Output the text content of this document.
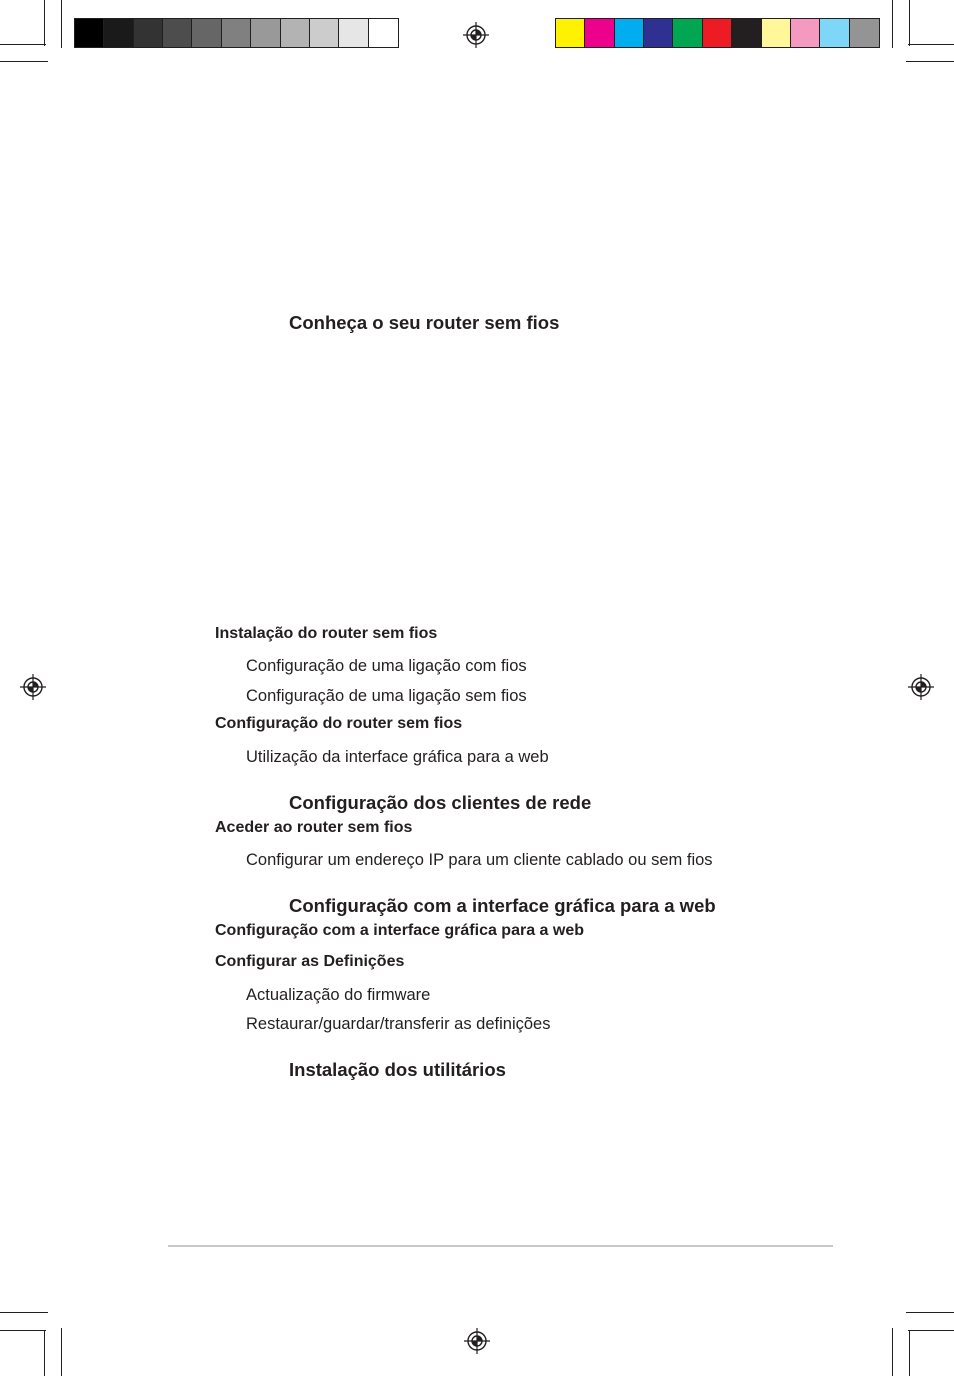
Conheça o seu router sem fios
Instalação do router sem fios
Configuração de uma ligação com fios
Configuração de uma ligação sem fios
Configuração do router sem fios
Utilização da interface gráfica para a web
Configuração dos clientes de rede
Aceder ao router sem fios
Configurar um endereço IP para um cliente cablado ou sem fios
Configuração com a interface gráfica para a web
Configuração com a interface gráfica para a web
Configurar as Definições
Actualização do firmware
Restaurar/guardar/transferir as definições
Instalação dos utilitários
